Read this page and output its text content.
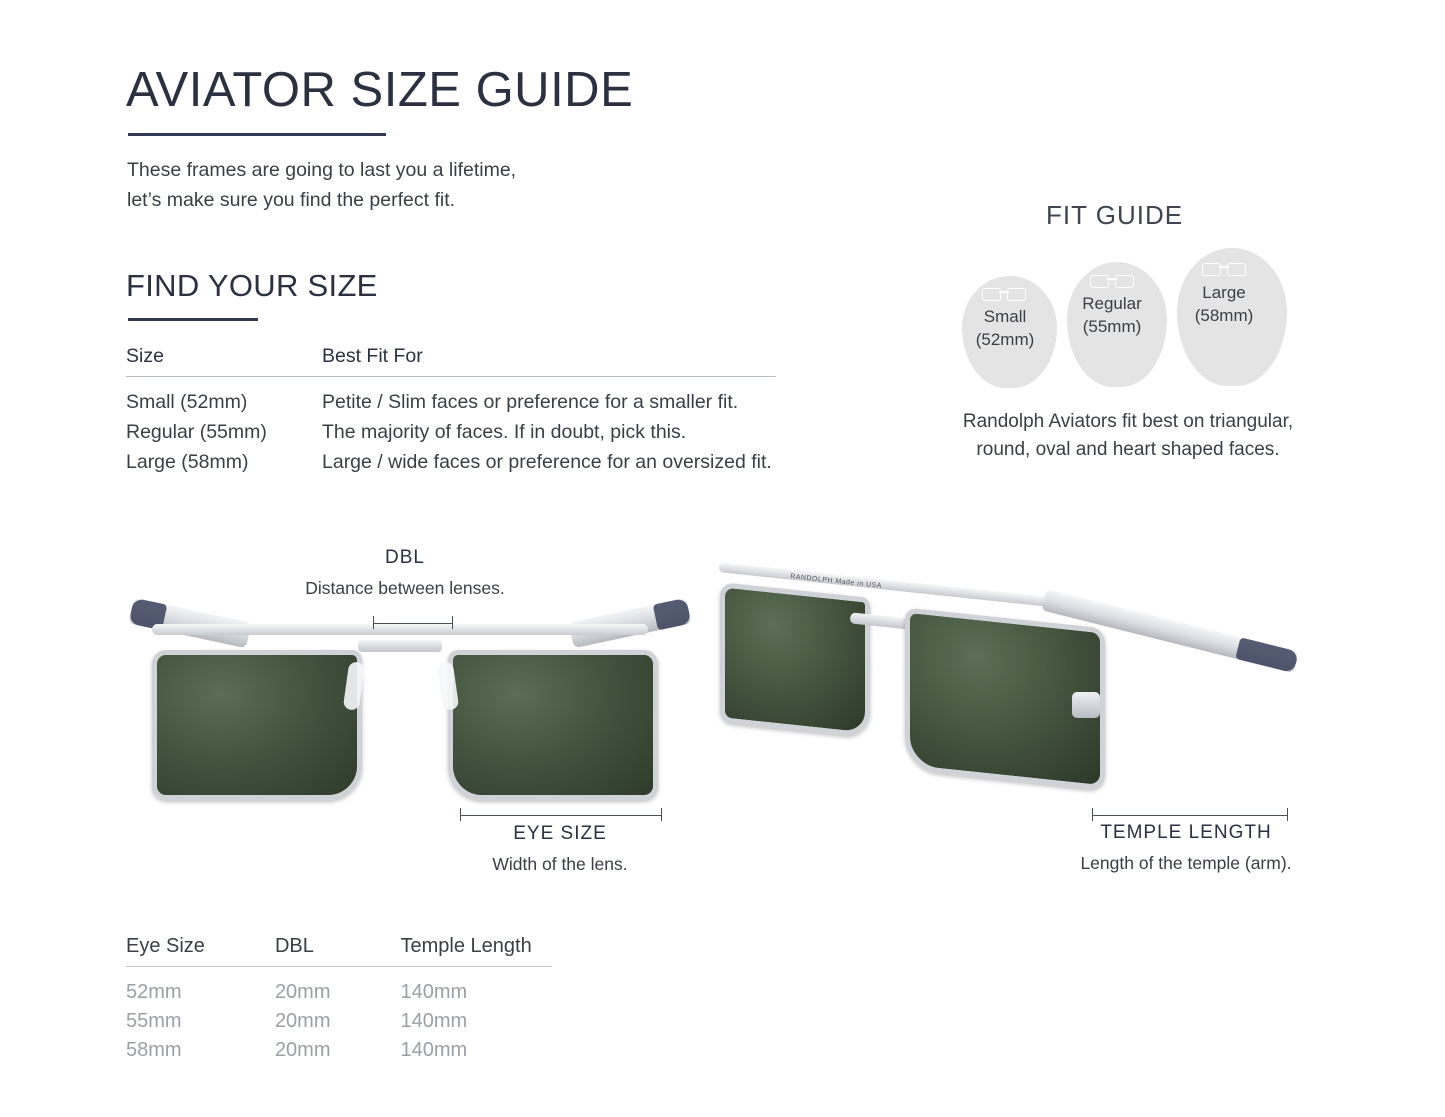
AVIATOR SIZE GUIDE
These frames are going to last you a lifetime,
let’s make sure you find the perfect fit.
FIND YOUR SIZE
Size	Best Fit For
Small (52mm)	Petite / Slim faces or preference for a smaller fit.
Regular (55mm)	The majority of faces. If in doubt, pick this.
Large (58mm)	Large / wide faces or preference for an oversized fit.
FIT GUIDE
Small
(52mm)
Regular
(55mm)
Large
(58mm)
Randolph Aviators fit best on triangular,
round, oval and heart shaped faces.
DBL
Distance between lenses.
EYE SIZE
Width of the lens.
RANDOLPH Made in USA
TEMPLE LENGTH
Length of the temple (arm).
Eye Size	DBL	Temple Length
52mm	20mm	140mm
55mm	20mm	140mm
58mm	20mm	140mm
